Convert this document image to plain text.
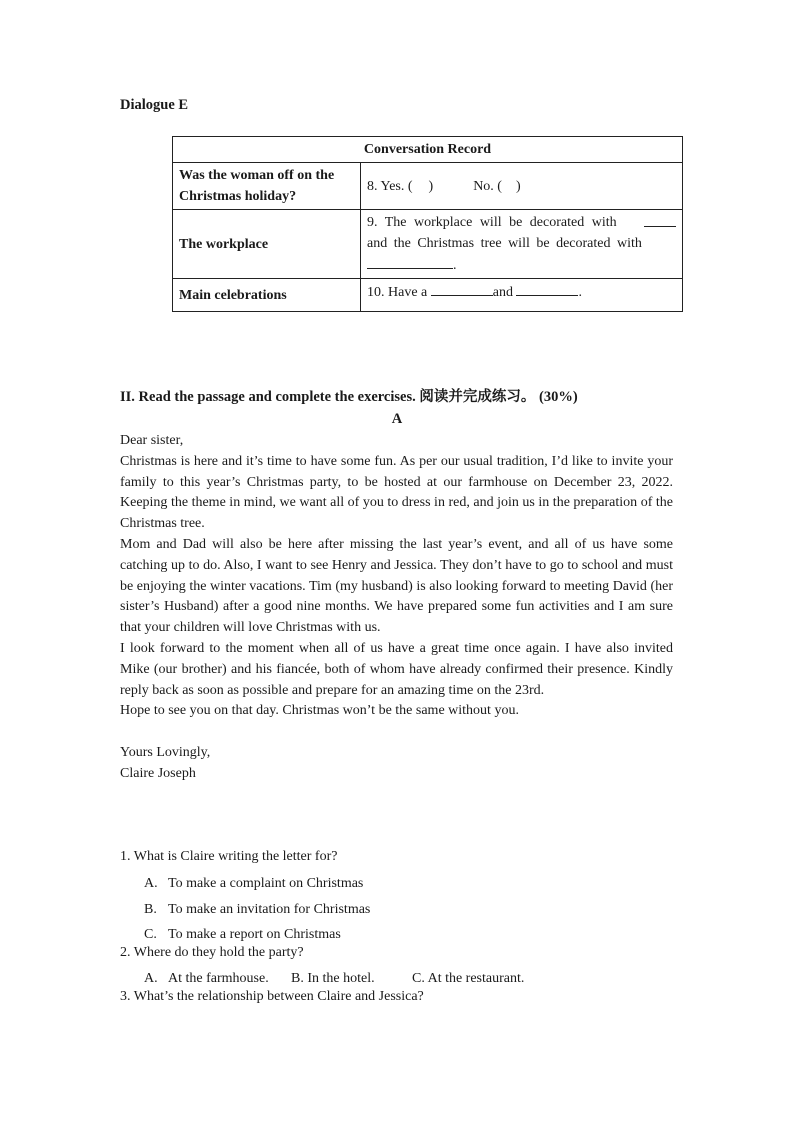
Dialogue E
Conversation Record	
Was the woman off on the Christmas holiday?	8. Yes. ( ) No. ( )
The workplace	9. The workplace will be decorated with
and the Christmas tree will be decorated with
.

Main celebrations	10. Have a and .
II. Read the passage and complete the exercises. 阅读并完成练习。 (30%)
A

Dear sister,

Christmas is here and it’s time to have some fun. As per our usual tradition, I’d like to invite your family to this year’s Christmas party, to be hosted at our farmhouse on December 23, 2022. Keeping the theme in mind, we want all of you to dress in red, and join us in the preparation of the Christmas tree.

Mom and Dad will also be here after missing the last year’s event, and all of us have some catching up to do. Also, I want to see Henry and Jessica. They don’t have to go to school and must be enjoying the winter vacations. Tim (my husband) is also looking forward to meeting David (her sister’s Husband) after a good nine months. We have prepared some fun activities and I am sure that your children will love Christmas with us.

I look forward to the moment when all of us have a great time once again. I have also invited Mike (our brother) and his fiancée, both of whom have already confirmed their presence. Kindly reply back as soon as possible and prepare for an amazing time on the 23rd.

Hope to see you on that day. Christmas won’t be the same without you.

Yours Lovingly,

Claire Joseph

1. What is Claire writing the letter for?
A. To make a complaint on Christmas
B. To make an invitation for Christmas
C. To make a report on Christmas
2. Where do they hold the party?
A. At the farmhouse. B. In the hotel.	C. At the restaurant.
3. What’s the relationship between Claire and Jessica?
